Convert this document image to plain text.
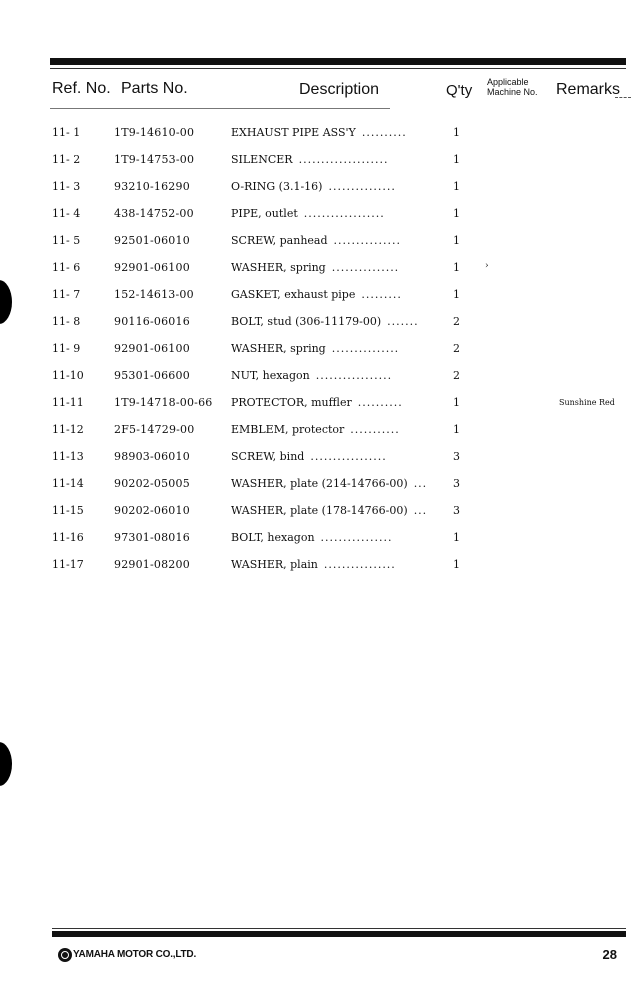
Ref. No. Parts No.	Description	Q'ty Applicable
Machine No. Remarks
11- 1	1T9-14610-00	EXHAUST PIPE ASS'Y ..........	1
11- 2	1T9-14753-00	SILENCER ....................	1
11- 3	93210-16290	O-RING (3.1-16) ...............	1
11- 4	438-14752-00	PIPE, outlet ..................	1
11- 5	92501-06010	SCREW, panhead ...............	1
11- 6	92901-06100	WASHER, spring ...............	1	›
11- 7	152-14613-00	GASKET, exhaust pipe .........	1
11- 8	90116-06016	BOLT, stud (306-11179-00) .......	2
11- 9	92901-06100	WASHER, spring ...............	2
11-10	95301-06600	NUT, hexagon .................	2
11-11	1T9-14718-00-66 PROTECTOR, muffler ..........	1	Sunshine Red
11-12	2F5-14729-00	EMBLEM, protector ...........	1
11-13	98903-06010	SCREW, bind .................	3
11-14	90202-05005	WASHER, plate (214-14766-00) ... 3
11-15	90202-06010	WASHER, plate (178-14766-00) ... 3
11-16	97301-08016	BOLT, hexagon ................	1
11-17	92901-08200	WASHER, plain ................	1
YAMAHA MOTOR CO.,LTD.	28
